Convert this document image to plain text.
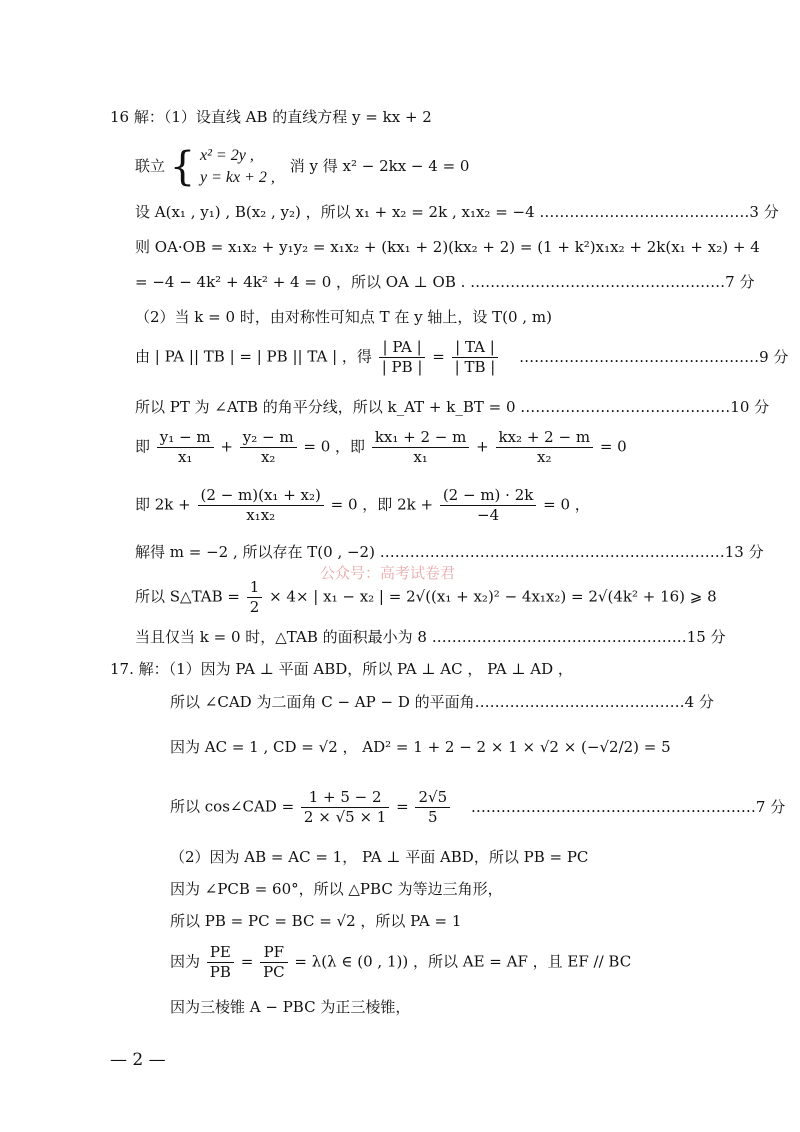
16 解：（1）设直线 AB 的直线方程 y = kx + 2
联立 { x² = 2y ,
y = kx + 2 ,
消 y 得 x² − 2kx − 4 = 0
设 A(x₁ , y₁) , B(x₂ , y₂) ，所以 x₁ + x₂ = 2k , x₁x₂ = −4 ……………………………………3 分
则 OA·OB = x₁x₂ + y₁y₂ = x₁x₂ + (kx₁ + 2)(kx₂ + 2) = (1 + k²)x₁x₂ + 2k(x₁ + x₂) + 4
= −4 − 4k² + 4k² + 4 = 0 ，所以 OA ⊥ OB . ……………………………………………7 分
（2）当 k = 0 时，由对称性可知点 T 在 y 轴上，设 T(0 , m)
由 | PA || TB | = | PB || TA | ，得 $\frac{| PA |}{| PB |} = \frac{| TA |}{| TB |}$ …………………………………………9 分
所以 PT 为 ∠ATB 的角平分线，所以 k_AT + k_BT = 0 ……………………………………10 分
即 $\frac{\text{y₁ − m}}{\text{x₁}} + \frac{\text{y₂ − m}}{\text{x₂}} = 0$ ，即 $\frac{\text{kx₁ + 2 − m}}{\text{x₁}} + \frac{\text{kx₂ + 2 − m}}{\text{x₂}} = 0$
即 $2k + \frac{\text{(2 − m)(x₁ + x₂)}}{\text{x₁x₂}} = 0$ ，即 $2k + \frac{(2 - m) \cdot 2k}{-4} = 0$ ，
解得 m = −2 , 所以存在 T(0 , −2) ……………………………………………………………13 分
公众号：高考试卷君
所以 S△TAB = $\frac{1}{2} \times 4\times$ | x₁ − x₂ | = 2√((x₁ + x₂)² − 4x₁x₂) = 2√(4k² + 16) ⩾ 8
当且仅当 k = 0 时，△TAB 的面积最小为 8 ……………………………………………15 分
17. 解：（1）因为 PA ⊥ 平面 ABD，所以 PA ⊥ AC ， PA ⊥ AD ，
所以 ∠CAD 为二面角 C − AP − D 的平面角……………………………………4 分
因为 AC = 1 , CD = √2 ， AD² = 1 + 2 − 2 × 1 × √2 × (−√2/2) = 5
所以 cos∠CAD = $\frac{1 + 5 - 2}{2 \times √5 \times 1} = \frac{2√5}{5}$ …………………………………………………7 分
（2）因为 AB = AC = 1， PA ⊥ 平面 ABD，所以 PB = PC
因为 ∠PCB = 60°，所以 △PBC 为等边三角形，
所以 PB = PC = BC = √2 ，所以 PA = 1
因为 $\frac{PE}{PB} = \frac{PF}{PC} = \lambda(\lambda$ ∈ (0 , 1)) ，所以 AE = AF ，且 EF // BC
因为三棱锥 A − PBC 为正三棱锥，
— 2 —
